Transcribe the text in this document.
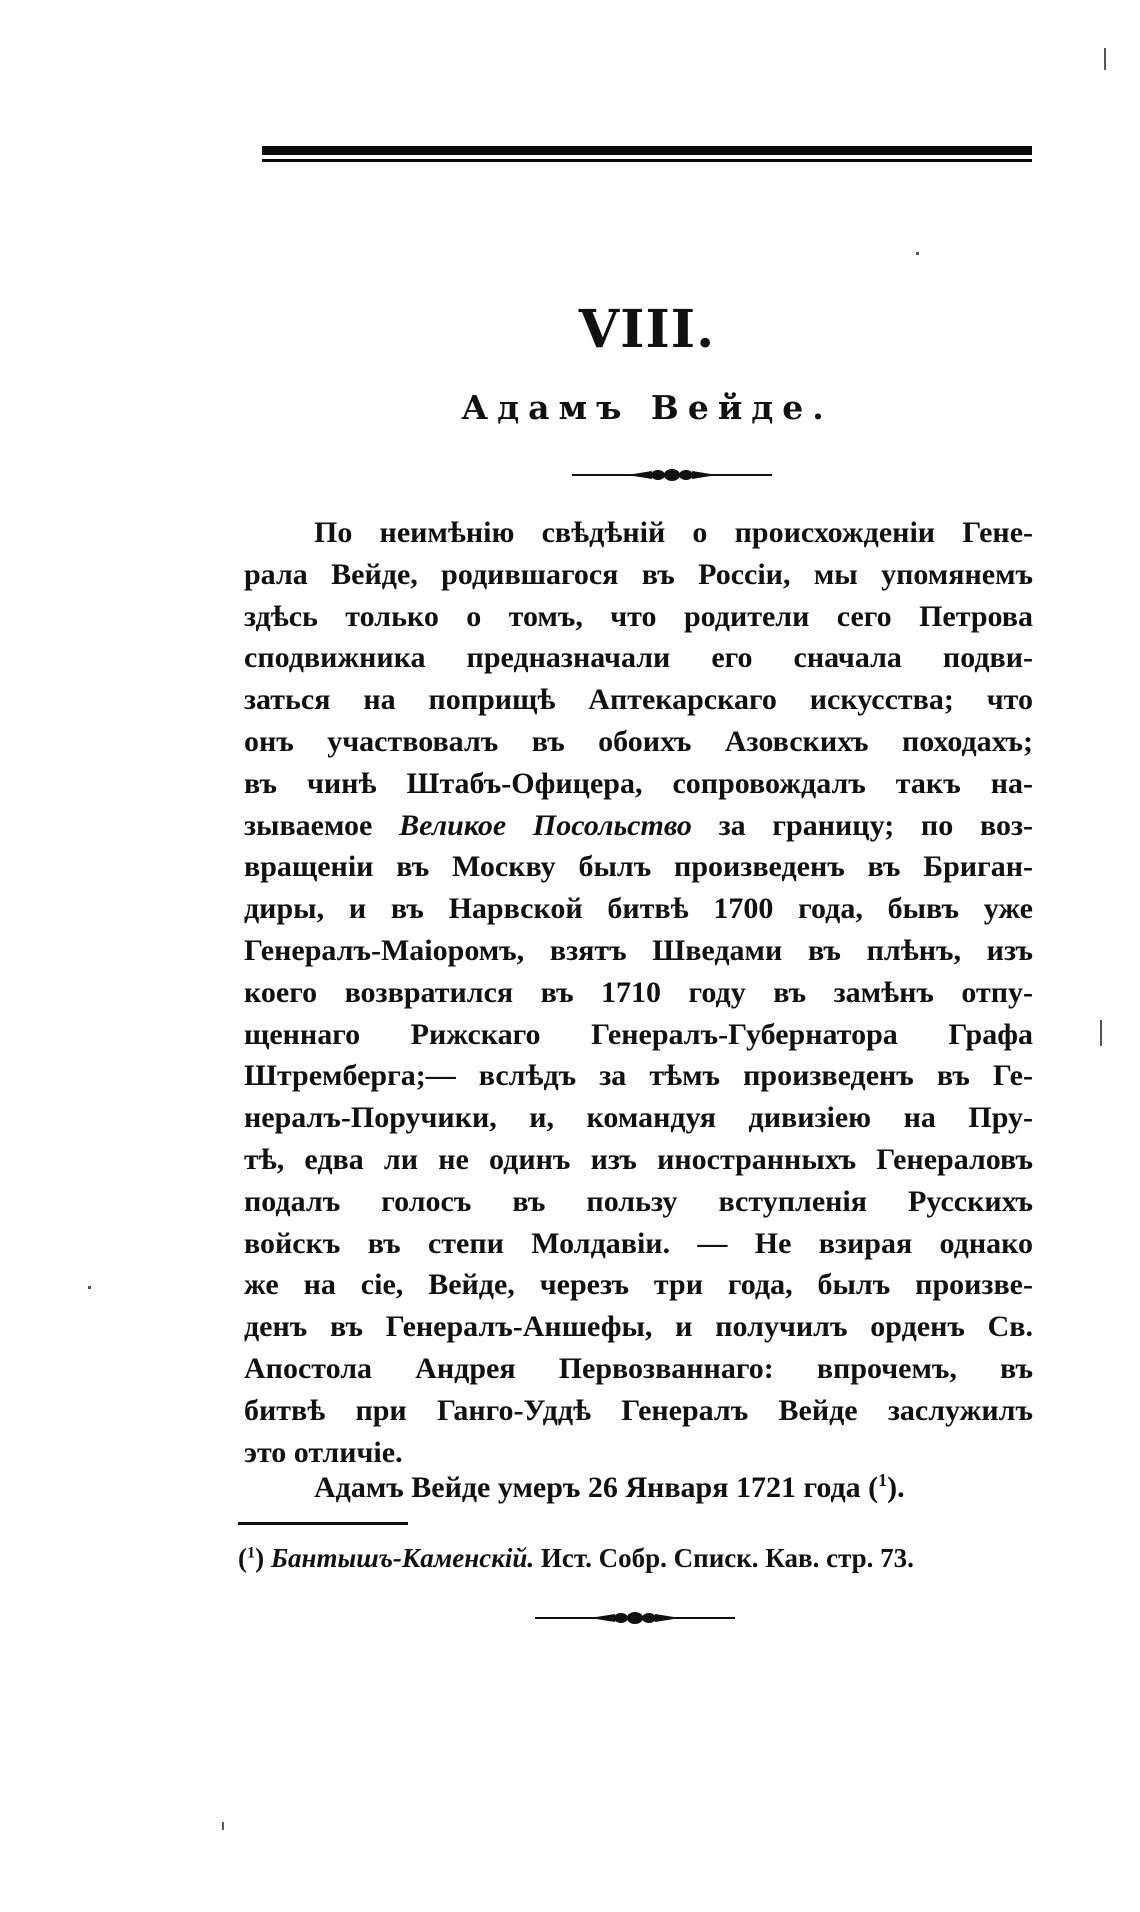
VIII.
Адамъ Вейде.
По неимѣнію свѣдѣній о происхожденіи Гене-
рала Вейде, родившагося въ Россіи, мы упомянемъ
здѣсь только о томъ, что родители сего Петрова
сподвижника предназначали его сначала подви-
заться на поприщѣ Аптекарскаго искусства; что
онъ участвовалъ въ обоихъ Азовскихъ походахъ;
въ чинѣ Штабъ-Офицера, сопровождалъ такъ на-
зываемое Великое Посольство за границу; по воз-
вращеніи въ Москву былъ произведенъ въ Бриган-
диры, и въ Нарвской битвѣ 1700 года, бывъ уже
Генералъ-Маіоромъ, взятъ Шведами въ плѣнъ, изъ
коего возвратился въ 1710 году въ замѣнъ отпу-
щеннаго Рижскаго Генералъ-Губернатора Графа
Штремберга;— вслѣдъ за тѣмъ произведенъ въ Ге-
нералъ-Поручики, и, командуя дивизіею на Пру-
тѣ, едва ли не одинъ изъ иностранныхъ Генераловъ
подалъ голосъ въ пользу вступленія Русскихъ
войскъ въ степи Молдавіи. — Не взирая однако
же на сіе, Вейде, черезъ три года, былъ произве-
денъ въ Генералъ-Аншефы, и получилъ орденъ Св.
Апостола Андрея Первозваннаго: впрочемъ, въ
битвѣ при Ганго-Уддѣ Генералъ Вейде заслужилъ
это отличіе.
Адамъ Вейде умеръ 26 Января 1721 года ($^1$).
($^1$) Бантышъ-Каменскій. Ист. Собр. Списк. Кав. стр. 73.
